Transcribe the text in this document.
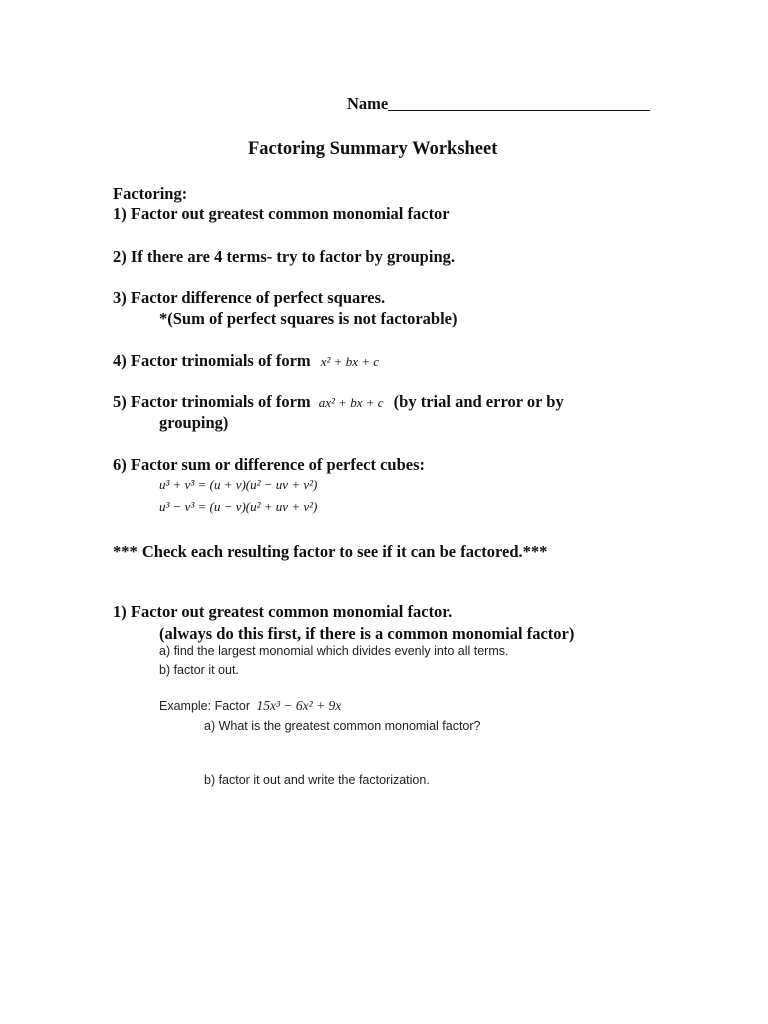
Name
Factoring Summary Worksheet
Factoring:
1) Factor out greatest common monomial factor
2) If there are 4 terms- try to factor by grouping.
3) Factor difference of perfect squares.
*(Sum of perfect squares is not factorable)
4) Factor trinomials of form x² + bx + c
5) Factor trinomials of form ax² + bx + c (by trial and error or by
grouping)
6) Factor sum or difference of perfect cubes:
u³ + v³ = (u + v)(u² − uv + v²)
u³ − v³ = (u − v)(u² + uv + v²)
*** Check each resulting factor to see if it can be factored.***
1) Factor out greatest common monomial factor.
(always do this first, if there is a common monomial factor)
a) find the largest monomial which divides evenly into all terms.
b) factor it out.
Example: Factor 15x³ − 6x² + 9x
a) What is the greatest common monomial factor?
b) factor it out and write the factorization.
